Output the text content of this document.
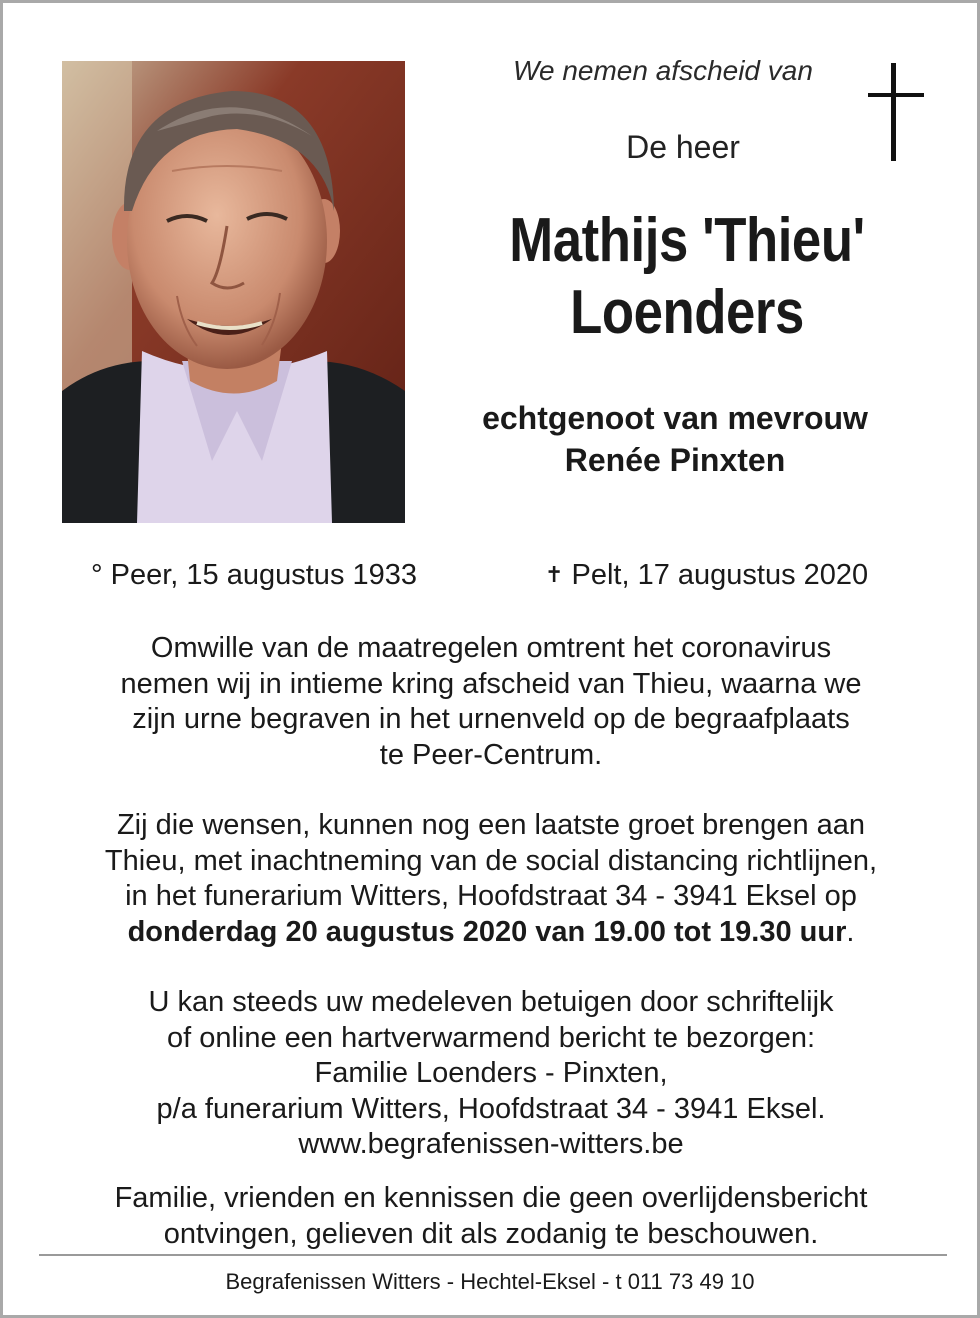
We nemen afscheid van
De heer
Mathijs 'Thieu'
Loenders
echtgenoot van mevrouw
Renée Pinxten
° Peer, 15 augustus 1933	✝ Pelt, 17 augustus 2020
Omwille van de maatregelen omtrent het coronavirus
nemen wij in intieme kring afscheid van Thieu, waarna we
zijn urne begraven in het urnenveld op de begraafplaats
te Peer-Centrum.
Zij die wensen, kunnen nog een laatste groet brengen aan
Thieu, met inachtneming van de social distancing richtlijnen,
in het funerarium Witters, Hoofdstraat 34 - 3941 Eksel op
donderdag 20 augustus 2020 van 19.00 tot 19.30 uur.
U kan steeds uw medeleven betuigen door schriftelijk
of online een hartverwarmend bericht te bezorgen:
Familie Loenders - Pinxten,
p/a funerarium Witters, Hoofdstraat 34 - 3941 Eksel.
www.begrafenissen-witters.be
Familie, vrienden en kennissen die geen overlijdensbericht
ontvingen, gelieven dit als zodanig te beschouwen.
Begrafenissen Witters - Hechtel-Eksel - t 011 73 49 10
